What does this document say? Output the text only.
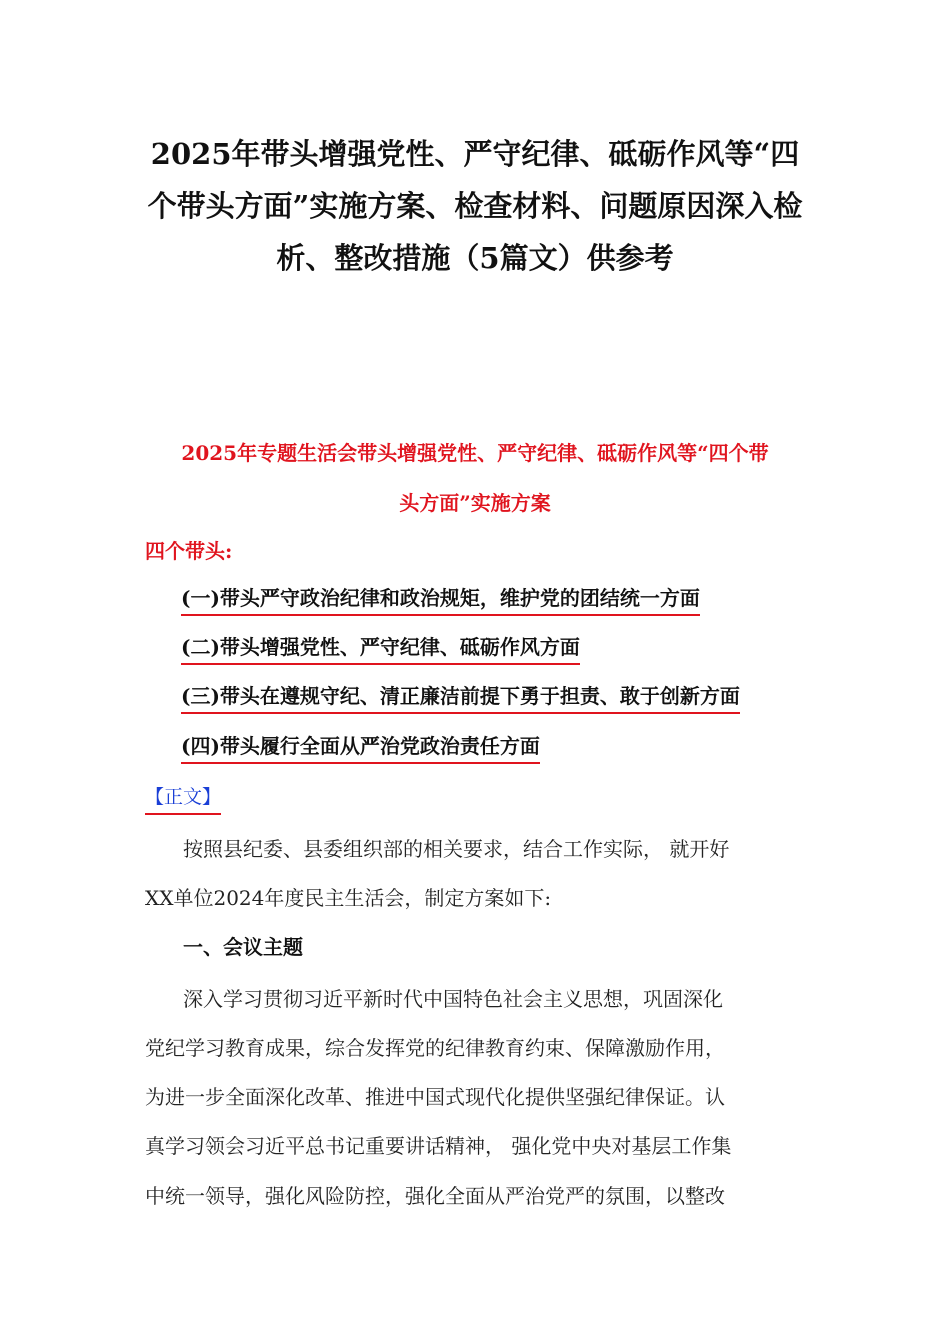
2025年带头增强党性、严守纪律、砥砺作风等“四
个带头方面”实施方案、检查材料、问题原因深入检
析、整改措施（5篇文）供参考
2025年专题生活会带头增强党性、严守纪律、砥砺作风等“四个带
头方面”实施方案
四个带头:
(一)带头严守政治纪律和政治规矩，维护党的团结统一方面
(二)带头增强党性、严守纪律、砥砺作风方面
(三)带头在遵规守纪、清正廉洁前提下勇于担责、敢于创新方面
(四)带头履行全面从严治党政治责任方面
【正文】
按照县纪委、县委组织部的相关要求，结合工作实际， 就开好
XX单位2024年度民主生活会，制定方案如下:
一、会议主题
深入学习贯彻习近平新时代中国特色社会主义思想，巩固深化
党纪学习教育成果，综合发挥党的纪律教育约束、保障激励作用，
为进一步全面深化改革、推进中国式现代化提供坚强纪律保证。认
真学习领会习近平总书记重要讲话精神， 强化党中央对基层工作集
中统一领导，强化风险防控，强化全面从严治党严的氛围，以整改
